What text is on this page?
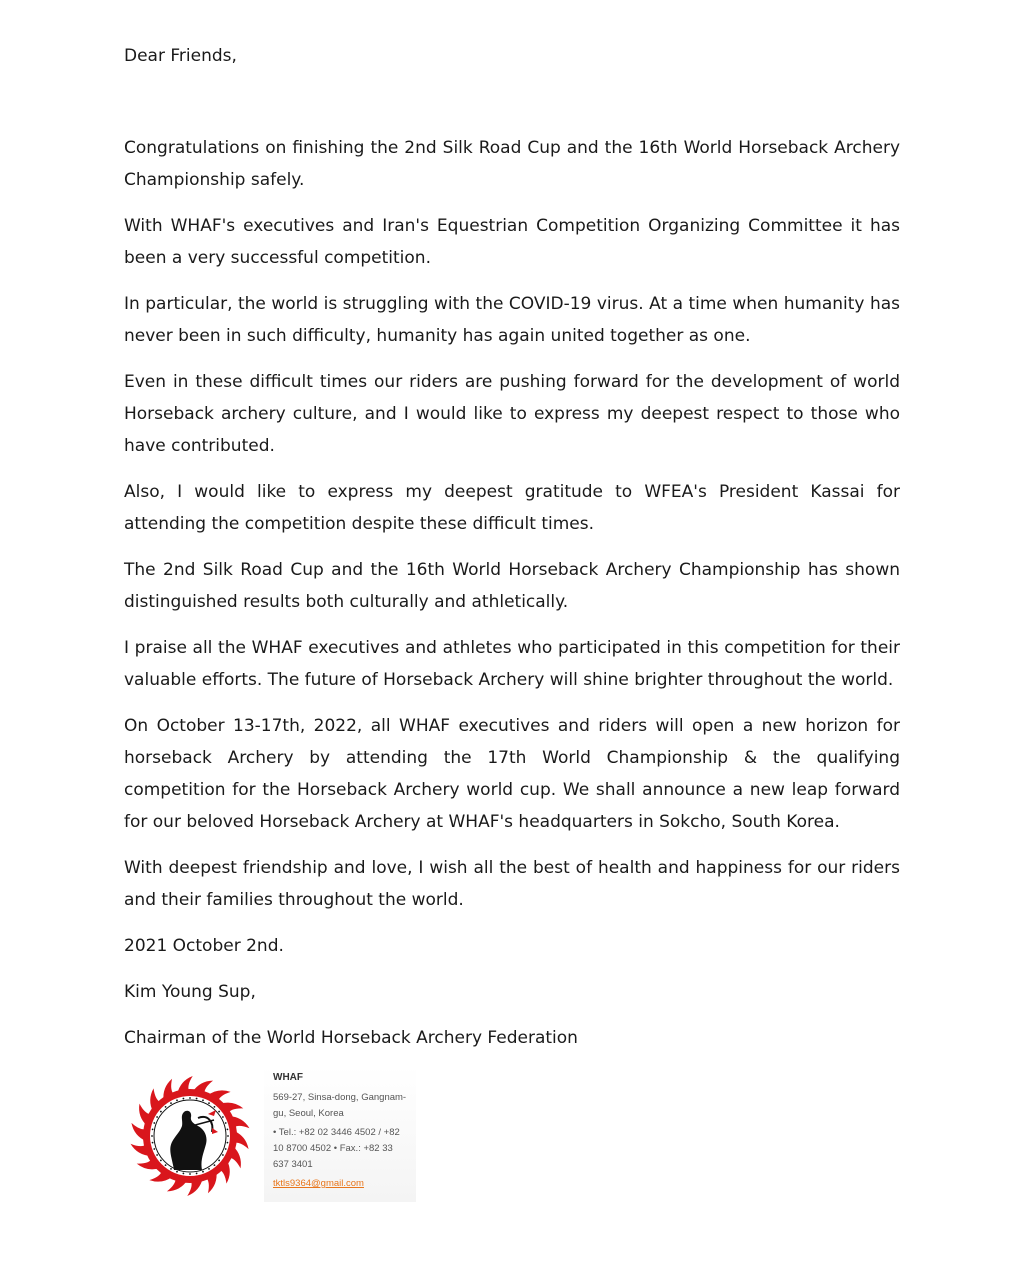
Dear Friends,

Congratulations on finishing the 2nd Silk Road Cup and the 16th World Horseback Archery Championship safely.

With WHAF's executives and Iran's Equestrian Competition Organizing Committee it has been a very successful competition.

In particular, the world is struggling with the COVID-19 virus. At a time when humanity has never been in such difficulty, humanity has again united together as one.

Even in these difficult times our riders are pushing forward for the development of world Horseback archery culture, and I would like to express my deepest respect to those who have contributed.

Also, I would like to express my deepest gratitude to WFEA's President Kassai for attending the competition despite these difficult times.

The 2nd Silk Road Cup and the 16th World Horseback Archery Championship has shown distinguished results both culturally and athletically.

I praise all the WHAF executives and athletes who participated in this competition for their valuable efforts. The future of Horseback Archery will shine brighter throughout the world.

On October 13-17th, 2022, all WHAF executives and riders will open a new horizon for horseback Archery by attending the 17th World Championship & the qualifying competition for the Horseback Archery world cup. We shall announce a new leap forward for our beloved Horseback Archery at WHAF's headquarters in Sokcho, South Korea.

With deepest friendship and love, I wish all the best of health and happiness for our riders and their families throughout the world.

2021 October 2nd.

Kim Young Sup,

Chairman of the World Horseback Archery Federation

WHAF
569-27, Sinsa-dong, Gangnam-gu, Seoul, Korea
• Tel.: +82 02 3446 4502 / +82 10 8700 4502 • Fax.: +82 33 637 3401
tktls9364@gmail.com
